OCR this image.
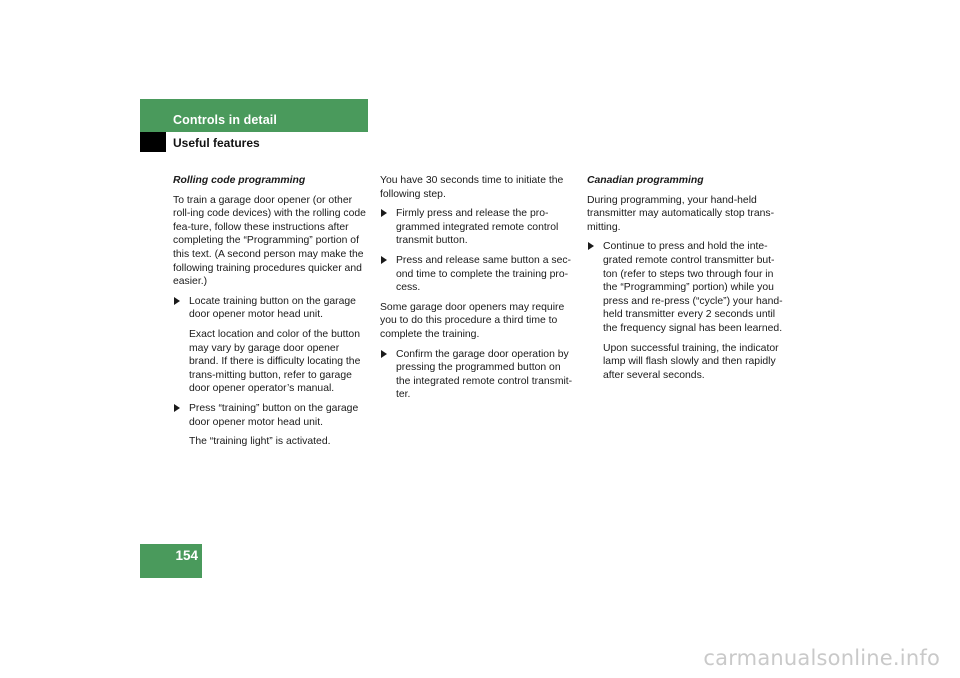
Controls in detail
Useful features

Rolling code programming

To train a garage door opener (or other roll-ing code devices) with the rolling code fea-ture, follow these instructions after completing the “Programming” portion of this text. (A second person may make the following training procedures quicker and easier.)

Locate training button on the garage door opener motor head unit.

Exact location and color of the button may vary by garage door opener brand. If there is difficulty locating the trans-mitting button, refer to garage door opener operator’s manual.

Press “training” button on the garage door opener motor head unit.

The “training light” is activated.

You have 30 seconds time to initiate the following step.

Firmly press and release the pro-grammed integrated remote control transmit button.

Press and release same button a sec-ond time to complete the training pro-cess.

Some garage door openers may require you to do this procedure a third time to complete the training.

Confirm the garage door operation by pressing the programmed button on the integrated remote control transmit-ter.

Canadian programming

During programming, your hand-held transmitter may automatically stop trans-mitting.

Continue to press and hold the inte-grated remote control transmitter but-ton (refer to steps two through four in the “Programming” portion) while you press and re-press (“cycle”) your hand-held transmitter every 2 seconds until the frequency signal has been learned.

Upon successful training, the indicator lamp will flash slowly and then rapidly after several seconds.

154
carmanualsonline.info
